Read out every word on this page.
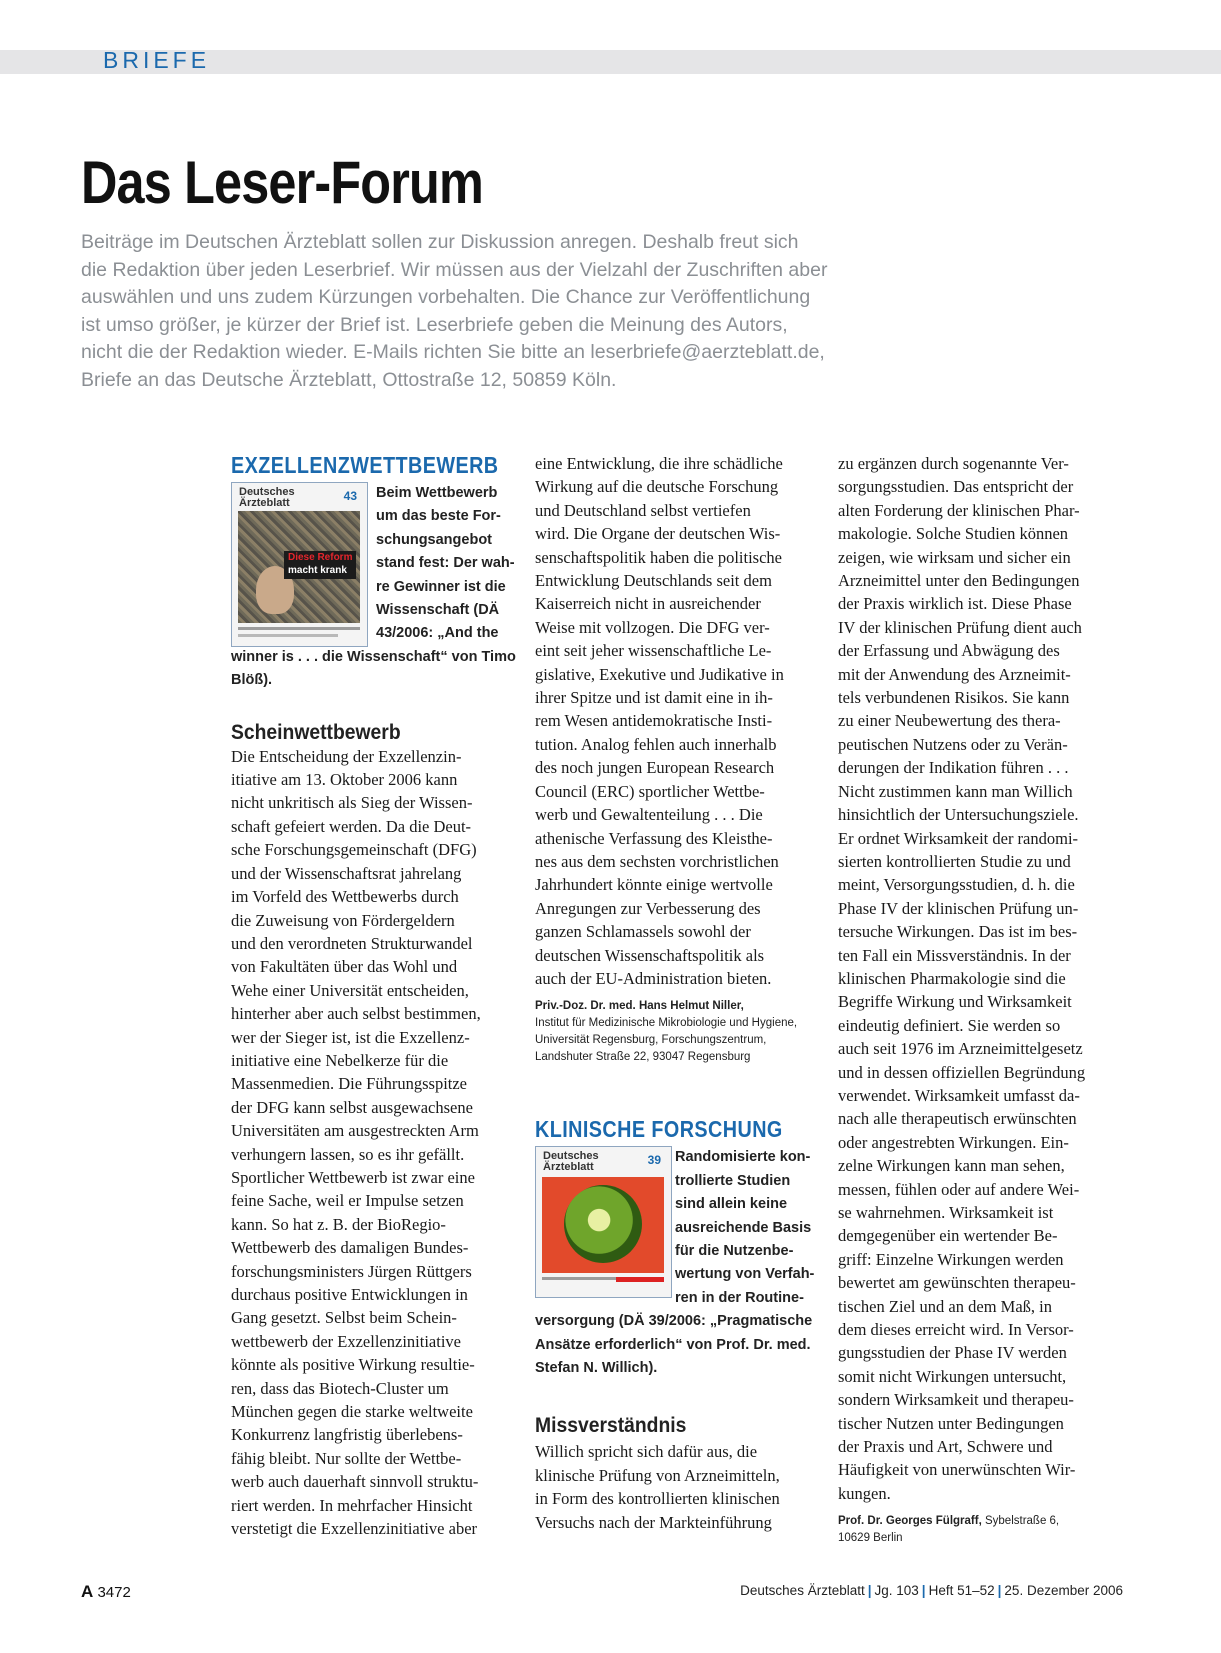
BRIEFE
Das Leser-Forum

Beiträge im Deutschen Ärzteblatt sollen zur Diskussion anregen. Deshalb freut sich
die Redaktion über jeden Leserbrief. Wir müssen aus der Vielzahl der Zuschriften aber
auswählen und uns zudem Kürzungen vorbehalten. Die Chance zur Veröffentlichung
ist umso größer, je kürzer der Brief ist. Leserbriefe geben die Meinung des Autors,
nicht die der Redaktion wieder. E-Mails richten Sie bitte an leserbriefe@aerzteblatt.de,
Briefe an das Deutsche Ärzteblatt, Ottostraße 12, 50859 Köln.

EXZELLENZWETTBEWERB
Deutsches
Ärzteblatt	43
Diese Reform
macht krank

Beim Wettbewerb
um das beste For-
schungsangebot
stand fest: Der wah-
re Gewinner ist die
Wissenschaft (DÄ
43/2006: „And the
winner is . . . die Wissenschaft“ von Timo
Blöß).

Scheinwettbewerb

Die Entscheidung der Exzellenzin-
itiative am 13. Oktober 2006 kann
nicht unkritisch als Sieg der Wissen-
schaft gefeiert werden. Da die Deut-
sche Forschungsgemeinschaft (DFG)
und der Wissenschaftsrat jahrelang
im Vorfeld des Wettbewerbs durch
die Zuweisung von Fördergeldern
und den verordneten Strukturwandel
von Fakultäten über das Wohl und
Wehe einer Universität entscheiden,
hinterher aber auch selbst bestimmen,
wer der Sieger ist, ist die Exzellenz-
initiative eine Nebelkerze für die
Massenmedien. Die Führungsspitze
der DFG kann selbst ausgewachsene
Universitäten am ausgestreckten Arm
verhungern lassen, so es ihr gefällt.
Sportlicher Wettbewerb ist zwar eine
feine Sache, weil er Impulse setzen
kann. So hat z. B. der BioRegio-
Wettbewerb des damaligen Bundes-
forschungsministers Jürgen Rüttgers
durchaus positive Entwicklungen in
Gang gesetzt. Selbst beim Schein-
wettbewerb der Exzellenzinitiative
könnte als positive Wirkung resultie-
ren, dass das Biotech-Cluster um
München gegen die starke weltweite
Konkurrenz langfristig überlebens-
fähig bleibt. Nur sollte der Wettbe-
werb auch dauerhaft sinnvoll struktu-
riert werden. In mehrfacher Hinsicht
verstetigt die Exzellenzinitiative aber

eine Entwicklung, die ihre schädliche
Wirkung auf die deutsche Forschung
und Deutschland selbst vertiefen
wird. Die Organe der deutschen Wis-
senschaftspolitik haben die politische
Entwicklung Deutschlands seit dem
Kaiserreich nicht in ausreichender
Weise mit vollzogen. Die DFG ver-
eint seit jeher wissenschaftliche Le-
gislative, Exekutive und Judikative in
ihrer Spitze und ist damit eine in ih-
rem Wesen antidemokratische Insti-
tution. Analog fehlen auch innerhalb
des noch jungen European Research
Council (ERC) sportlicher Wettbe-
werb und Gewaltenteilung . . . Die
athenische Verfassung des Kleisthe-
nes aus dem sechsten vorchristlichen
Jahrhundert könnte einige wertvolle
Anregungen zur Verbesserung des
ganzen Schlamassels sowohl der
deutschen Wissenschaftspolitik als
auch der EU-Administration bieten.

Priv.-Doz. Dr. med. Hans Helmut Niller,
Institut für Medizinische Mikrobiologie und Hygiene,
Universität Regensburg, Forschungszentrum,
Landshuter Straße 22, 93047 Regensburg

KLINISCHE FORSCHUNG
Deutsches
Ärzteblatt	39 Randomisierte kon-
trollierte Studien
sind allein keine
ausreichende Basis
für die Nutzenbe-
wertung von Verfah-
ren in der Routine-
versorgung (DÄ 39/2006: „Pragmatische
Ansätze erforderlich“ von Prof. Dr. med.
Stefan N. Willich).

Missverständnis

Willich spricht sich dafür aus, die
klinische Prüfung von Arzneimitteln,
in Form des kontrollierten klinischen
Versuchs nach der Markteinführung

zu ergänzen durch sogenannte Ver-
sorgungsstudien. Das entspricht der
alten Forderung der klinischen Phar-
makologie. Solche Studien können
zeigen, wie wirksam und sicher ein
Arzneimittel unter den Bedingungen
der Praxis wirklich ist. Diese Phase
IV der klinischen Prüfung dient auch
der Erfassung und Abwägung des
mit der Anwendung des Arzneimit-
tels verbundenen Risikos. Sie kann
zu einer Neubewertung des thera-
peutischen Nutzens oder zu Verän-
derungen der Indikation führen . . .
Nicht zustimmen kann man Willich
hinsichtlich der Untersuchungsziele.
Er ordnet Wirksamkeit der randomi-
sierten kontrollierten Studie zu und
meint, Versorgungsstudien, d. h. die
Phase IV der klinischen Prüfung un-
tersuche Wirkungen. Das ist im bes-
ten Fall ein Missverständnis. In der
klinischen Pharmakologie sind die
Begriffe Wirkung und Wirksamkeit
eindeutig definiert. Sie werden so
auch seit 1976 im Arzneimittelgesetz
und in dessen offiziellen Begründung
verwendet. Wirksamkeit umfasst da-
nach alle therapeutisch erwünschten
oder angestrebten Wirkungen. Ein-
zelne Wirkungen kann man sehen,
messen, fühlen oder auf andere Wei-
se wahrnehmen. Wirksamkeit ist
demgegenüber ein wertender Be-
griff: Einzelne Wirkungen werden
bewertet am gewünschten therapeu-
tischen Ziel und an dem Maß, in
dem dieses erreicht wird. In Versor-
gungsstudien der Phase IV werden
somit nicht Wirkungen untersucht,
sondern Wirksamkeit und therapeu-
tischer Nutzen unter Bedingungen
der Praxis und Art, Schwere und
Häufigkeit von unerwünschten Wir-
kungen.

Prof. Dr. Georges Fülgraff, Sybelstraße 6,
10629 Berlin

A 3472	Deutsches Ärzteblatt | Jg. 103 | Heft 51–52 | 25. Dezember 2006
